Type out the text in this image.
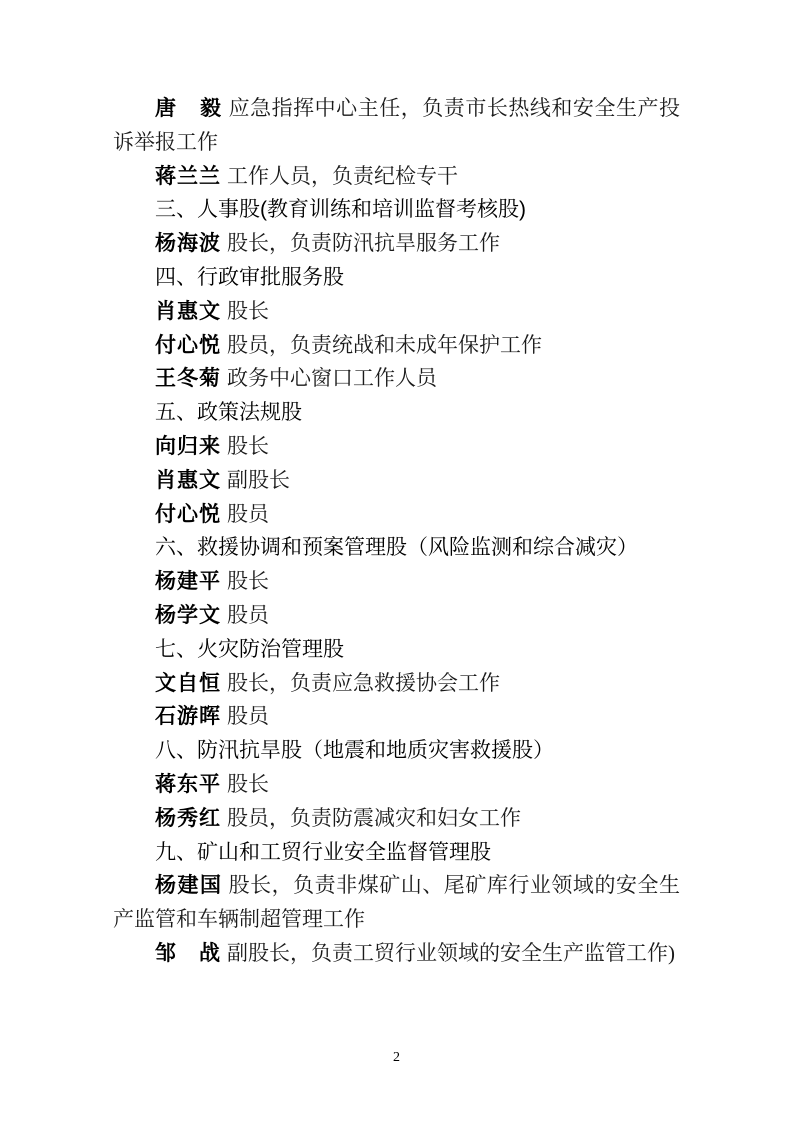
唐　毅 应急指挥中心主任，负责市长热线和安全生产投诉举报工作

蒋兰兰 工作人员，负责纪检专干

三、人事股(教育训练和培训监督考核股)

杨海波 股长，负责防汛抗旱服务工作

四、行政审批服务股

肖惠文 股长

付心悦 股员，负责统战和未成年保护工作

王冬菊 政务中心窗口工作人员

五、政策法规股

向归来 股长

肖惠文 副股长

付心悦 股员

六、救援协调和预案管理股（风险监测和综合减灾）

杨建平 股长

杨学文 股员

七、火灾防治管理股

文自恒 股长，负责应急救援协会工作

石游晖 股员

八、防汛抗旱股（地震和地质灾害救援股）

蒋东平 股长

杨秀红 股员，负责防震减灾和妇女工作

九、矿山和工贸行业安全监督管理股

杨建国 股长，负责非煤矿山、尾矿库行业领域的安全生产监管和车辆制超管理工作

邹　战 副股长，负责工贸行业领域的安全生产监管工作)

2
